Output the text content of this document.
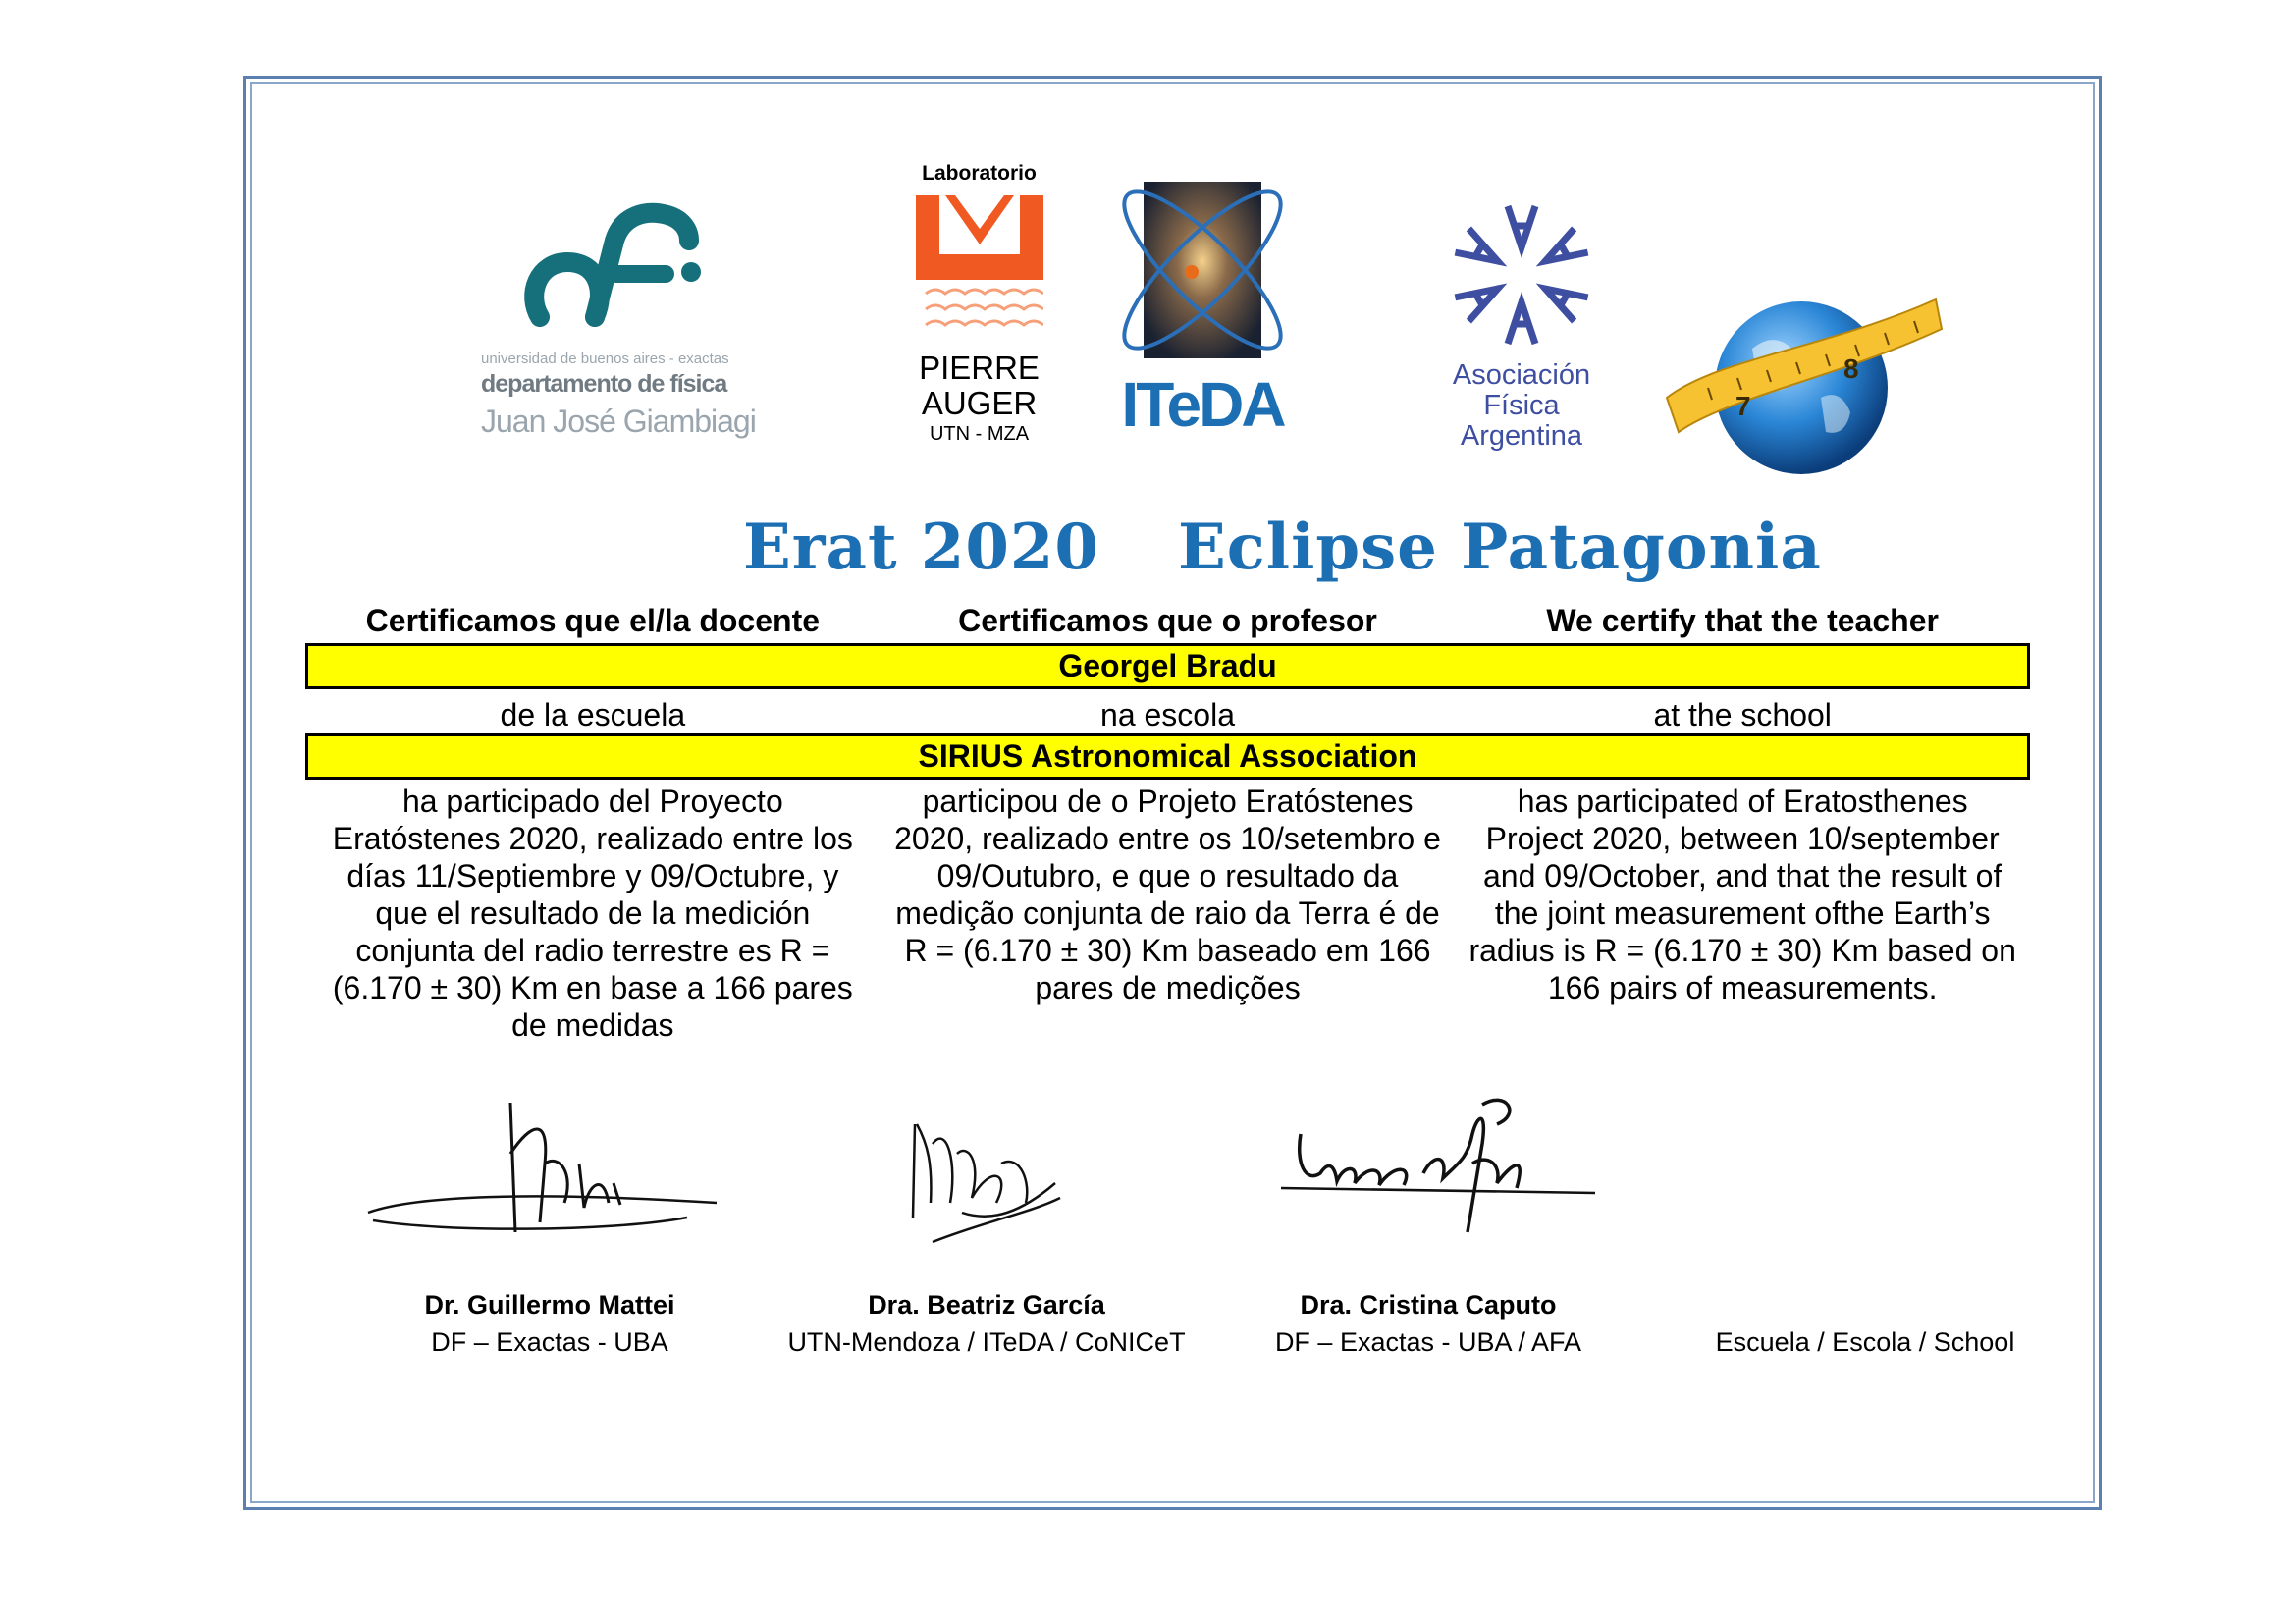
universidad de buenos aires - exactas
departamento de física
Juan José Giambiagi
Laboratorio
PIERRE
AUGER
UTN - MZA	ITeDA	Asociación
Física
Argentina
7
8
Erat 2020 Eclipse Patagonia
Certificamos que el/la docente	Certificamos que o profesor	We certify that the teacher
Georgel Bradu
de la escuela	na escola	at the school
SIRIUS Astronomical Association
ha participado del Proyecto Eratóstenes 2020, realizado entre los días 11/Septiembre y 09/Octubre, y que el resultado de la medición conjunta del radio terrestre es R = (6.170 ± 30) Km en base a 166 pares de medidas
participou de o Projeto Eratóstenes 2020, realizado entre os 10/setembro e 09/Outubro, e que o resultado da medição conjunta de raio da Terra é de R = (6.170 ± 30) Km baseado em 166 pares de medições
has participated of Eratosthenes Project 2020, between 10/september and 09/October, and that the result of the joint measurement ofthe Earth’s radius is R = (6.170 ± 30) Km based on 166 pairs of measurements.
Dr. Guillermo Mattei
DF – Exactas - UBA
Dra. Beatriz García
UTN-Mendoza / ITeDA / CoNICeT
Dra. Cristina Caputo
DF – Exactas - UBA / AFA	Escuela / Escola / School
